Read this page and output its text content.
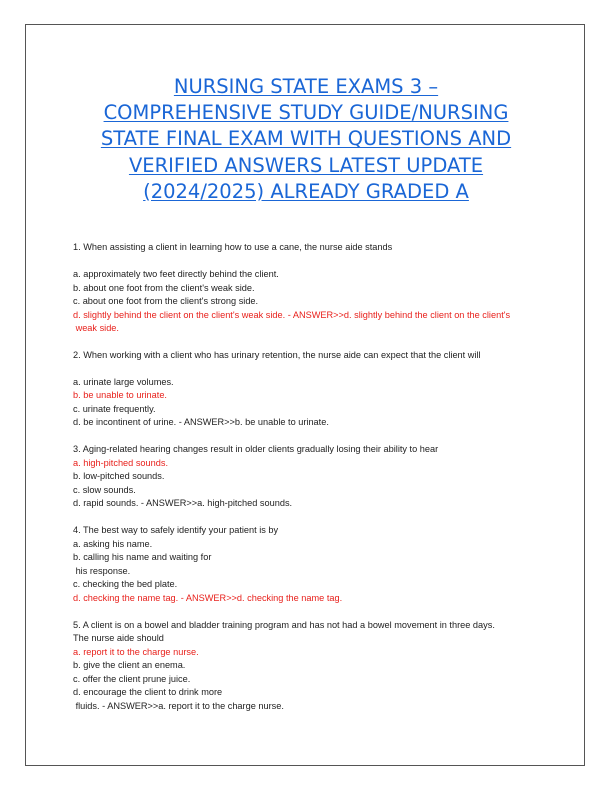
NURSING STATE EXAMS 3 –
COMPREHENSIVE STUDY GUIDE/NURSING
STATE FINAL EXAM WITH QUESTIONS AND
VERIFIED ANSWERS LATEST UPDATE
(2024/2025) ALREADY GRADED A
1. When assisting a client in learning how to use a cane, the nurse aide stands
a. approximately two feet directly behind the client.
b. about one foot from the client's weak side.
c. about one foot from the client's strong side.
d. slightly behind the client on the client's weak side. - ANSWER>>d. slightly behind the client on the client's
weak side.
2. When working with a client who has urinary retention, the nurse aide can expect that the client will
a. urinate large volumes.
b. be unable to urinate.
c. urinate frequently.
d. be incontinent of urine. - ANSWER>>b. be unable to urinate.
3. Aging-related hearing changes result in older clients gradually losing their ability to hear
a. high-pitched sounds.
b. low-pitched sounds.
c. slow sounds.
d. rapid sounds. - ANSWER>>a. high-pitched sounds.
4. The best way to safely identify your patient is by
a. asking his name.
b. calling his name and waiting for
his response.
c. checking the bed plate.
d. checking the name tag. - ANSWER>>d. checking the name tag.
5. A client is on a bowel and bladder training program and has not had a bowel movement in three days.
The nurse aide should
a. report it to the charge nurse.
b. give the client an enema.
c. offer the client prune juice.
d. encourage the client to drink more
fluids. - ANSWER>>a. report it to the charge nurse.
